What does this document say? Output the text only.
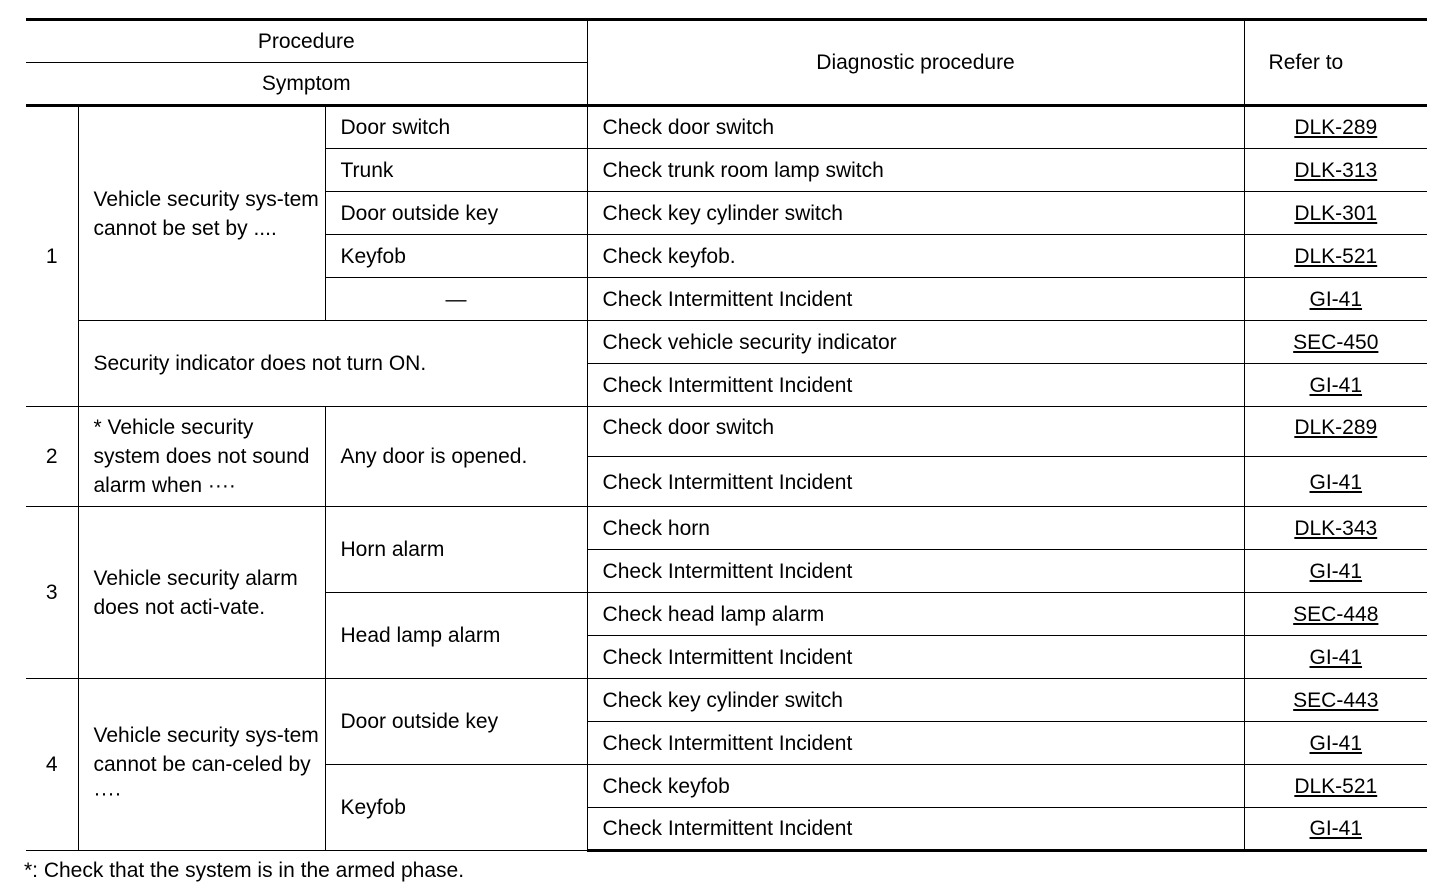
Procedure			Diagnostic procedure	Refer to
Symptom				
1	Vehicle security sys-tem cannot be set by ....	Door switch	Check door switch	DLK-289
		Trunk	Check trunk room lamp switch	DLK-313
		Door outside key	Check key cylinder switch	DLK-301
		Keyfob	Check keyfob.	DLK-521
		—	Check Intermittent Incident	GI-41
	Security indicator does not turn ON.		Check vehicle security indicator	SEC-450
			Check Intermittent Incident	GI-41
2	* Vehicle security system does not sound alarm when ····	Any door is opened.	Check door switch	DLK-289
			Check Intermittent Incident	GI-41
3	Vehicle security alarm does not acti-vate.	Horn alarm	Check horn	DLK-343
			Check Intermittent Incident	GI-41
		Head lamp alarm	Check head lamp alarm	SEC-448
			Check Intermittent Incident	GI-41
4	Vehicle security sys-tem cannot be can-celed by ····	Door outside key	Check key cylinder switch	SEC-443
			Check Intermittent Incident	GI-41
		Keyfob	Check keyfob	DLK-521
			Check Intermittent Incident	GI-41
*: Check that the system is in the armed phase.
